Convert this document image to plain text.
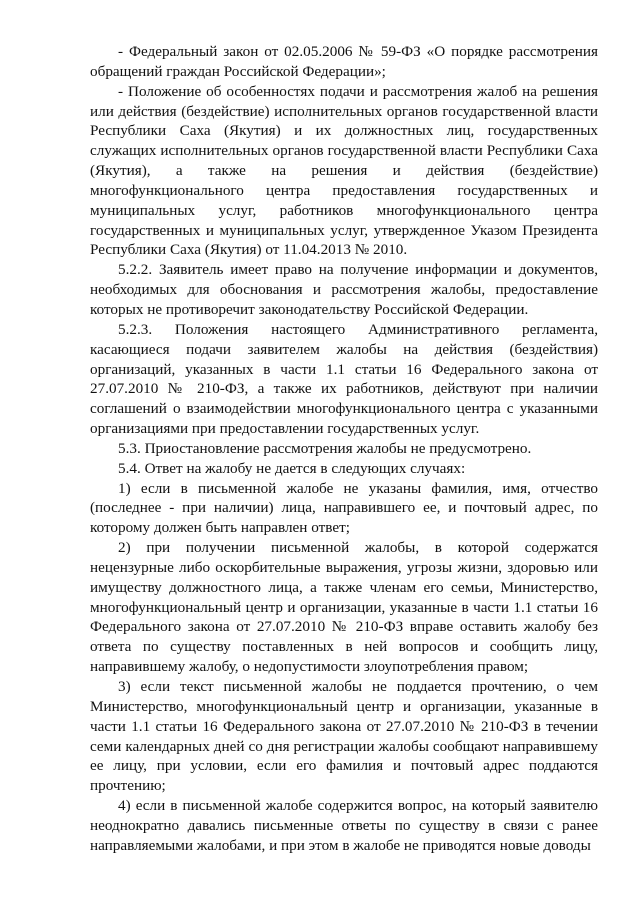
- Федеральный закон от 02.05.2006 № 59-ФЗ «О порядке рассмотрения обращений граждан Российской Федерации»;

- Положение об особенностях подачи и рассмотрения жалоб на решения или действия (бездействие) исполнительных органов государственной власти Республики Саха (Якутия) и их должностных лиц, государственных служащих исполнительных органов государственной власти Республики Саха (Якутия), а также на решения и действия (бездействие) многофункционального центра предоставления государственных и муниципальных услуг, работников многофункционального центра государственных и муниципальных услуг, утвержденное Указом Президента Республики Саха (Якутия) от 11.04.2013 № 2010.

5.2.2. Заявитель имеет право на получение информации и документов, необходимых для обоснования и рассмотрения жалобы, предоставление которых не противоречит законодательству Российской Федерации.

5.2.3. Положения настоящего Административного регламента, касающиеся подачи заявителем жалобы на действия (бездействия) организаций, указанных в части 1.1 статьи 16 Федерального закона от 27.07.2010 № 210-ФЗ, а также их работников, действуют при наличии соглашений о взаимодействии многофункционального центра с указанными организациями при предоставлении государственных услуг.

5.3. Приостановление рассмотрения жалобы не предусмотрено.

5.4. Ответ на жалобу не дается в следующих случаях:

1) если в письменной жалобе не указаны фамилия, имя, отчество (последнее - при наличии) лица, направившего ее, и почтовый адрес, по которому должен быть направлен ответ;

2) при получении письменной жалобы, в которой содержатся нецензурные либо оскорбительные выражения, угрозы жизни, здоровью или имуществу должностного лица, а также членам его семьи, Министерство, многофункциональный центр и организации, указанные в части 1.1 статьи 16 Федерального закона от 27.07.2010 № 210-ФЗ вправе оставить жалобу без ответа по существу поставленных в ней вопросов и сообщить лицу, направившему жалобу, о недопустимости злоупотребления правом;

3) если текст письменной жалобы не поддается прочтению, о чем Министерство, многофункциональный центр и организации, указанные в части 1.1 статьи 16 Федерального закона от 27.07.2010 № 210-ФЗ в течении семи календарных дней со дня регистрации жалобы сообщают направившему ее лицу, при условии, если его фамилия и почтовый адрес поддаются прочтению;

4) если в письменной жалобе содержится вопрос, на который заявителю неоднократно давались письменные ответы по существу в связи с ранее направляемыми жалобами, и при этом в жалобе не приводятся новые доводы
